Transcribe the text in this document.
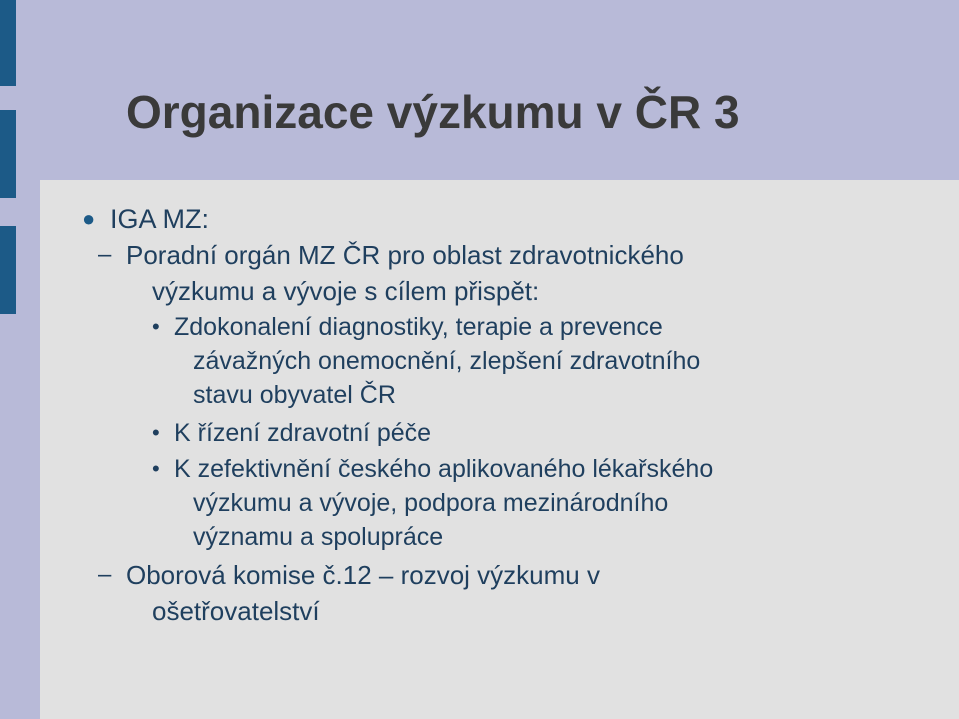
Organizace výzkumu v ČR 3
● IGA MZ:
– Poradní orgán MZ ČR pro oblast zdravotnického
výzkumu a vývoje s cílem přispět:
• Zdokonalení diagnostiky, terapie a prevence
závažných onemocnění, zlepšení zdravotního
stavu obyvatel ČR
• K řízení zdravotní péče
• K zefektivnění českého aplikovaného lékařského
výzkumu a vývoje, podpora mezinárodního
významu a spolupráce
– Oborová komise č.12 – rozvoj výzkumu v
ošetřovatelství
